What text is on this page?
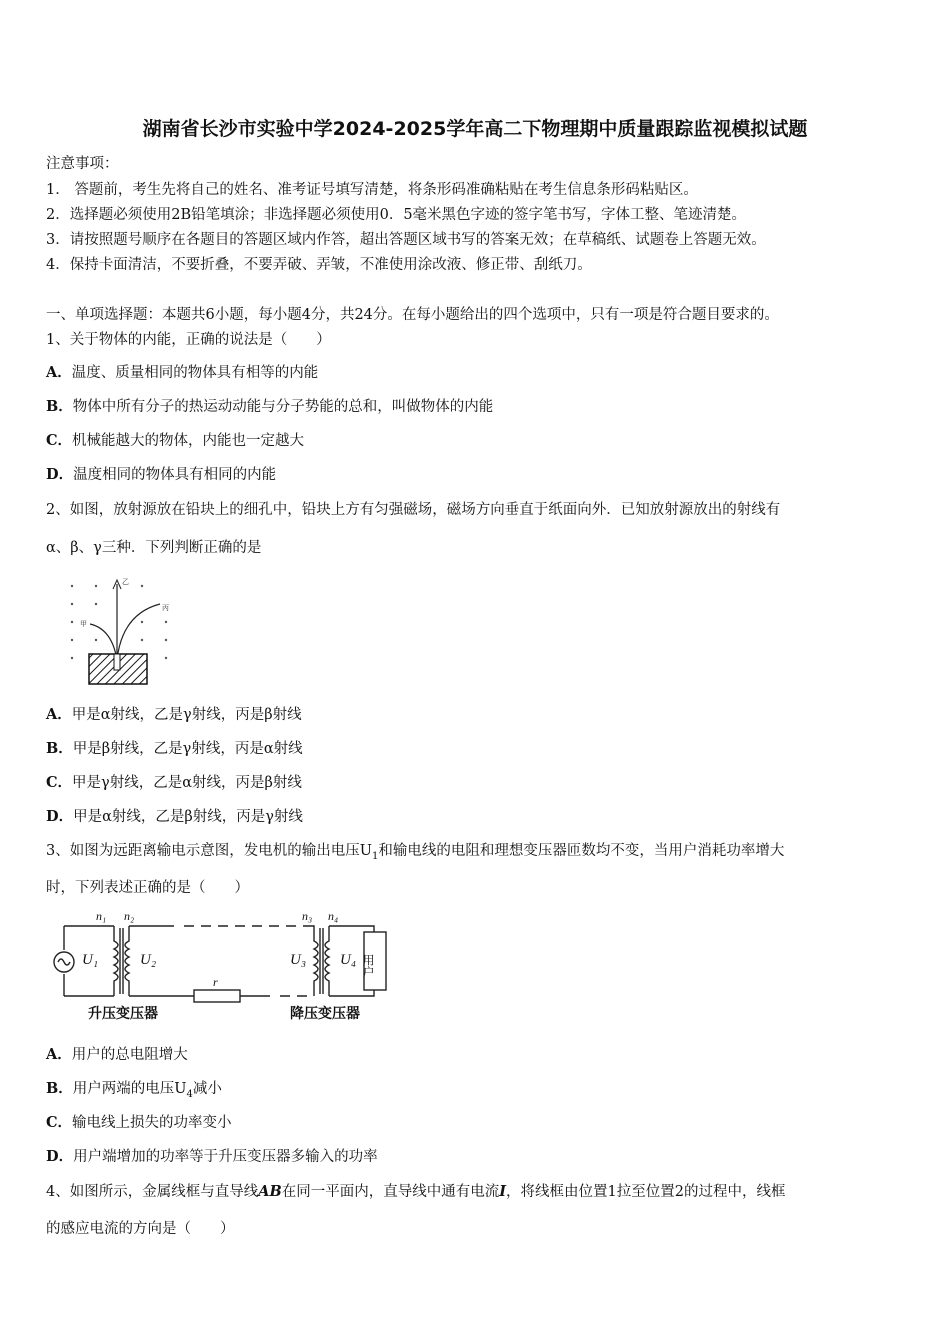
湖南省长沙市实验中学2024-2025学年高二下物理期中质量跟踪监视模拟试题
注意事项：
1． 答题前，考生先将自己的姓名、准考证号填写清楚，将条形码准确粘贴在考生信息条形码粘贴区。
2．选择题必须使用2B铅笔填涂；非选择题必须使用0．5毫米黑色字迹的签字笔书写，字体工整、笔迹清楚。
3．请按照题号顺序在各题目的答题区域内作答，超出答题区域书写的答案无效；在草稿纸、试题卷上答题无效。
4．保持卡面清洁，不要折叠，不要弄破、弄皱，不准使用涂改液、修正带、刮纸刀。
一、单项选择题：本题共6小题，每小题4分，共24分。在每小题给出的四个选项中，只有一项是符合题目要求的。
1、关于物体的内能，正确的说法是（　　）
A．温度、质量相同的物体具有相等的内能
B．物体中所有分子的热运动动能与分子势能的总和，叫做物体的内能
C．机械能越大的物体，内能也一定越大
D．温度相同的物体具有相同的内能
2、如图，放射源放在铅块上的细孔中，铅块上方有匀强磁场，磁场方向垂直于纸面向外．已知放射源放出的射线有
α、β、γ三种．下列判断正确的是
甲
乙
丙
A．甲是α射线，乙是γ射线，丙是β射线
B．甲是β射线，乙是γ射线，丙是α射线
C．甲是γ射线，乙是α射线，丙是β射线
D．甲是α射线，乙是β射线，丙是γ射线
3、如图为远距离输电示意图，发电机的输出电压$U_1$和输电线的电阻和理想变压器匝数均不变，当用户消耗功率增大
时，下列表述正确的是（　　）
n₁ n₂	n₃ n₄
U₁	U₂	U₃ U₄
r
用户
升压变压器	降压变压器
A．用户的总电阻增大
B．用户两端的电压$U_4$减小
C．输电线上损失的功率变小
D．用户端增加的功率等于升压变压器多输入的功率
4、如图所示，金属线框与直导线AB在同一平面内，直导线中通有电流I，将线框由位置1拉至位置2的过程中，线框
的感应电流的方向是（　　）
